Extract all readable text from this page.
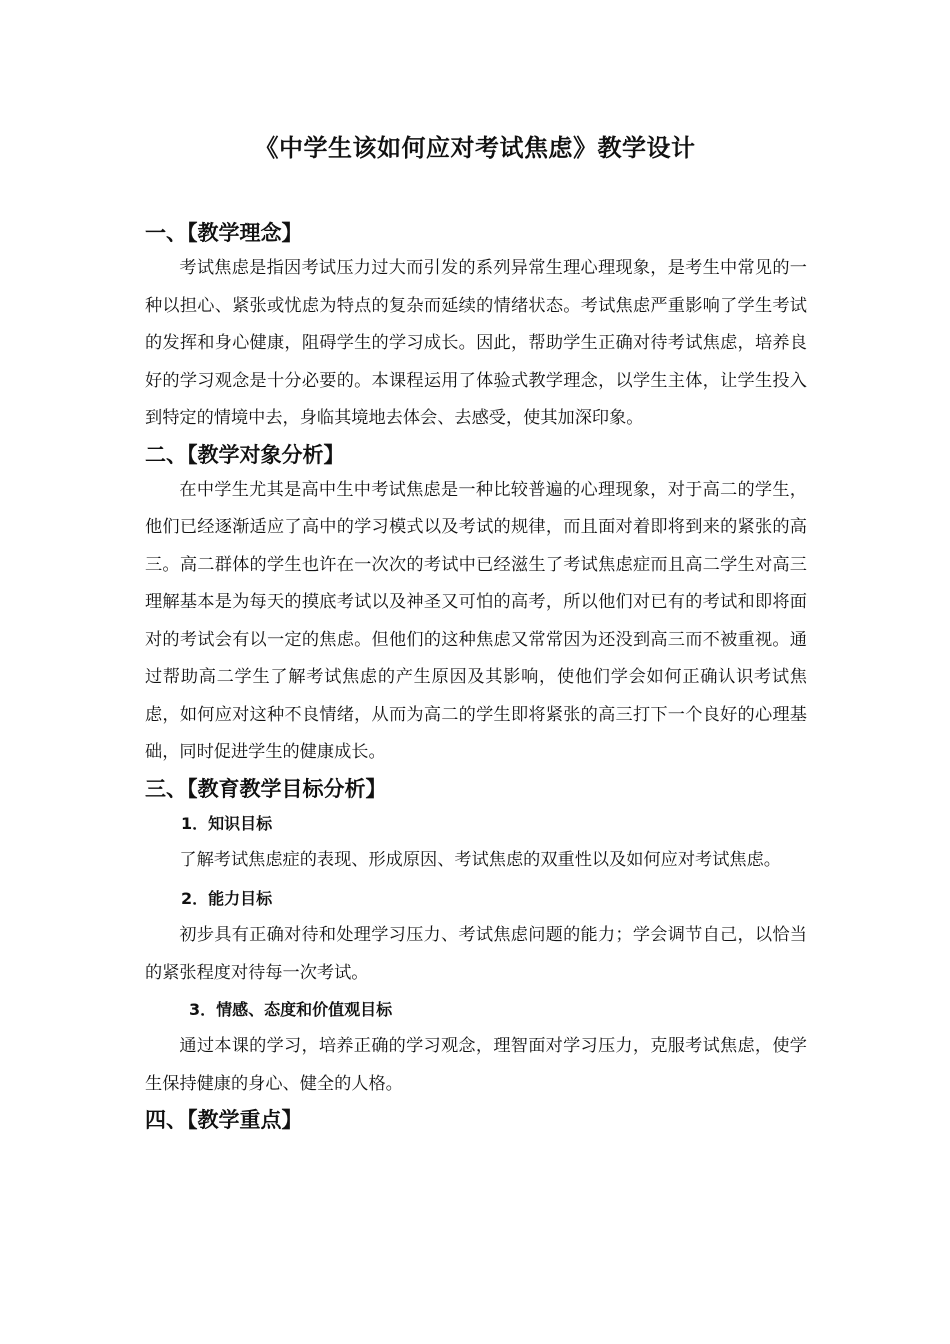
《中学生该如何应对考试焦虑》教学设计
一、【教学理念】

考试焦虑是指因考试压力过大而引发的系列异常生理心理现象，是考生中常见的一种以担心、紧张或忧虑为特点的复杂而延续的情绪状态。考试焦虑严重影响了学生考试的发挥和身心健康，阻碍学生的学习成长。因此，帮助学生正确对待考试焦虑，培养良好的学习观念是十分必要的。本课程运用了体验式教学理念，以学生主体，让学生投入到特定的情境中去，身临其境地去体会、去感受，使其加深印象。

二、【教学对象分析】

在中学生尤其是高中生中考试焦虑是一种比较普遍的心理现象，对于高二的学生，他们已经逐渐适应了高中的学习模式以及考试的规律，而且面对着即将到来的紧张的高三。高二群体的学生也许在一次次的考试中已经滋生了考试焦虑症而且高二学生对高三理解基本是为每天的摸底考试以及神圣又可怕的高考，所以他们对已有的考试和即将面对的考试会有以一定的焦虑。但他们的这种焦虑又常常因为还没到高三而不被重视。通过帮助高二学生了解考试焦虑的产生原因及其影响，使他们学会如何正确认识考试焦虑，如何应对这种不良情绪，从而为高二的学生即将紧张的高三打下一个良好的心理基础，同时促进学生的健康成长。

三、【教育教学目标分析】
1．知识目标

了解考试焦虑症的表现、形成原因、考试焦虑的双重性以及如何应对考试焦虑。

2．能力目标

初步具有正确对待和处理学习压力、考试焦虑问题的能力；学会调节自己，以恰当的紧张程度对待每一次考试。

3．情感、态度和价值观目标

通过本课的学习，培养正确的学习观念，理智面对学习压力，克服考试焦虑，使学生保持健康的身心、健全的人格。

四、【教学重点】
